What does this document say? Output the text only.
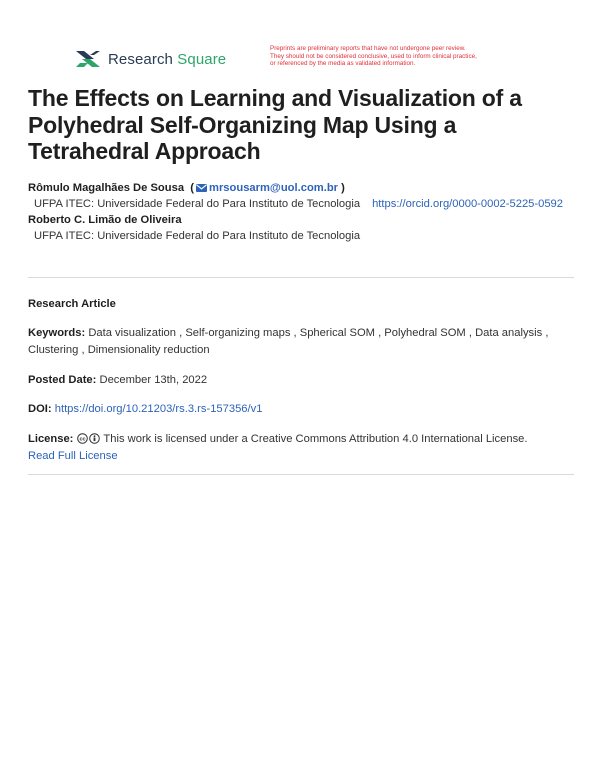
Research Square
Preprints are preliminary reports that have not undergone peer review.
They should not be considered conclusive, used to inform clinical practice,
or referenced by the media as validated information.
The Effects on Learning and Visualization of a Polyhedral Self-Organizing Map Using a Tetrahedral Approach
Rômulo Magalhães De Sousa  ( mrsousarm@uol.com.br )
UFPA ITEC: Universidade Federal do Para Instituto de Tecnologia https://orcid.org/0000-0002-5225-0592
Roberto C. Limão de Oliveira
UFPA ITEC: Universidade Federal do Para Instituto de Tecnologia
Research Article
Keywords: Data visualization , Self-organizing maps , Spherical SOM , Polyhedral SOM , Data analysis , Clustering , Dimensionality reduction
Posted Date: December 13th, 2022
DOI: https://doi.org/10.21203/rs.3.rs-157356/v1
License: cc This work is licensed under a Creative Commons Attribution 4.0 International License.
Read Full License
